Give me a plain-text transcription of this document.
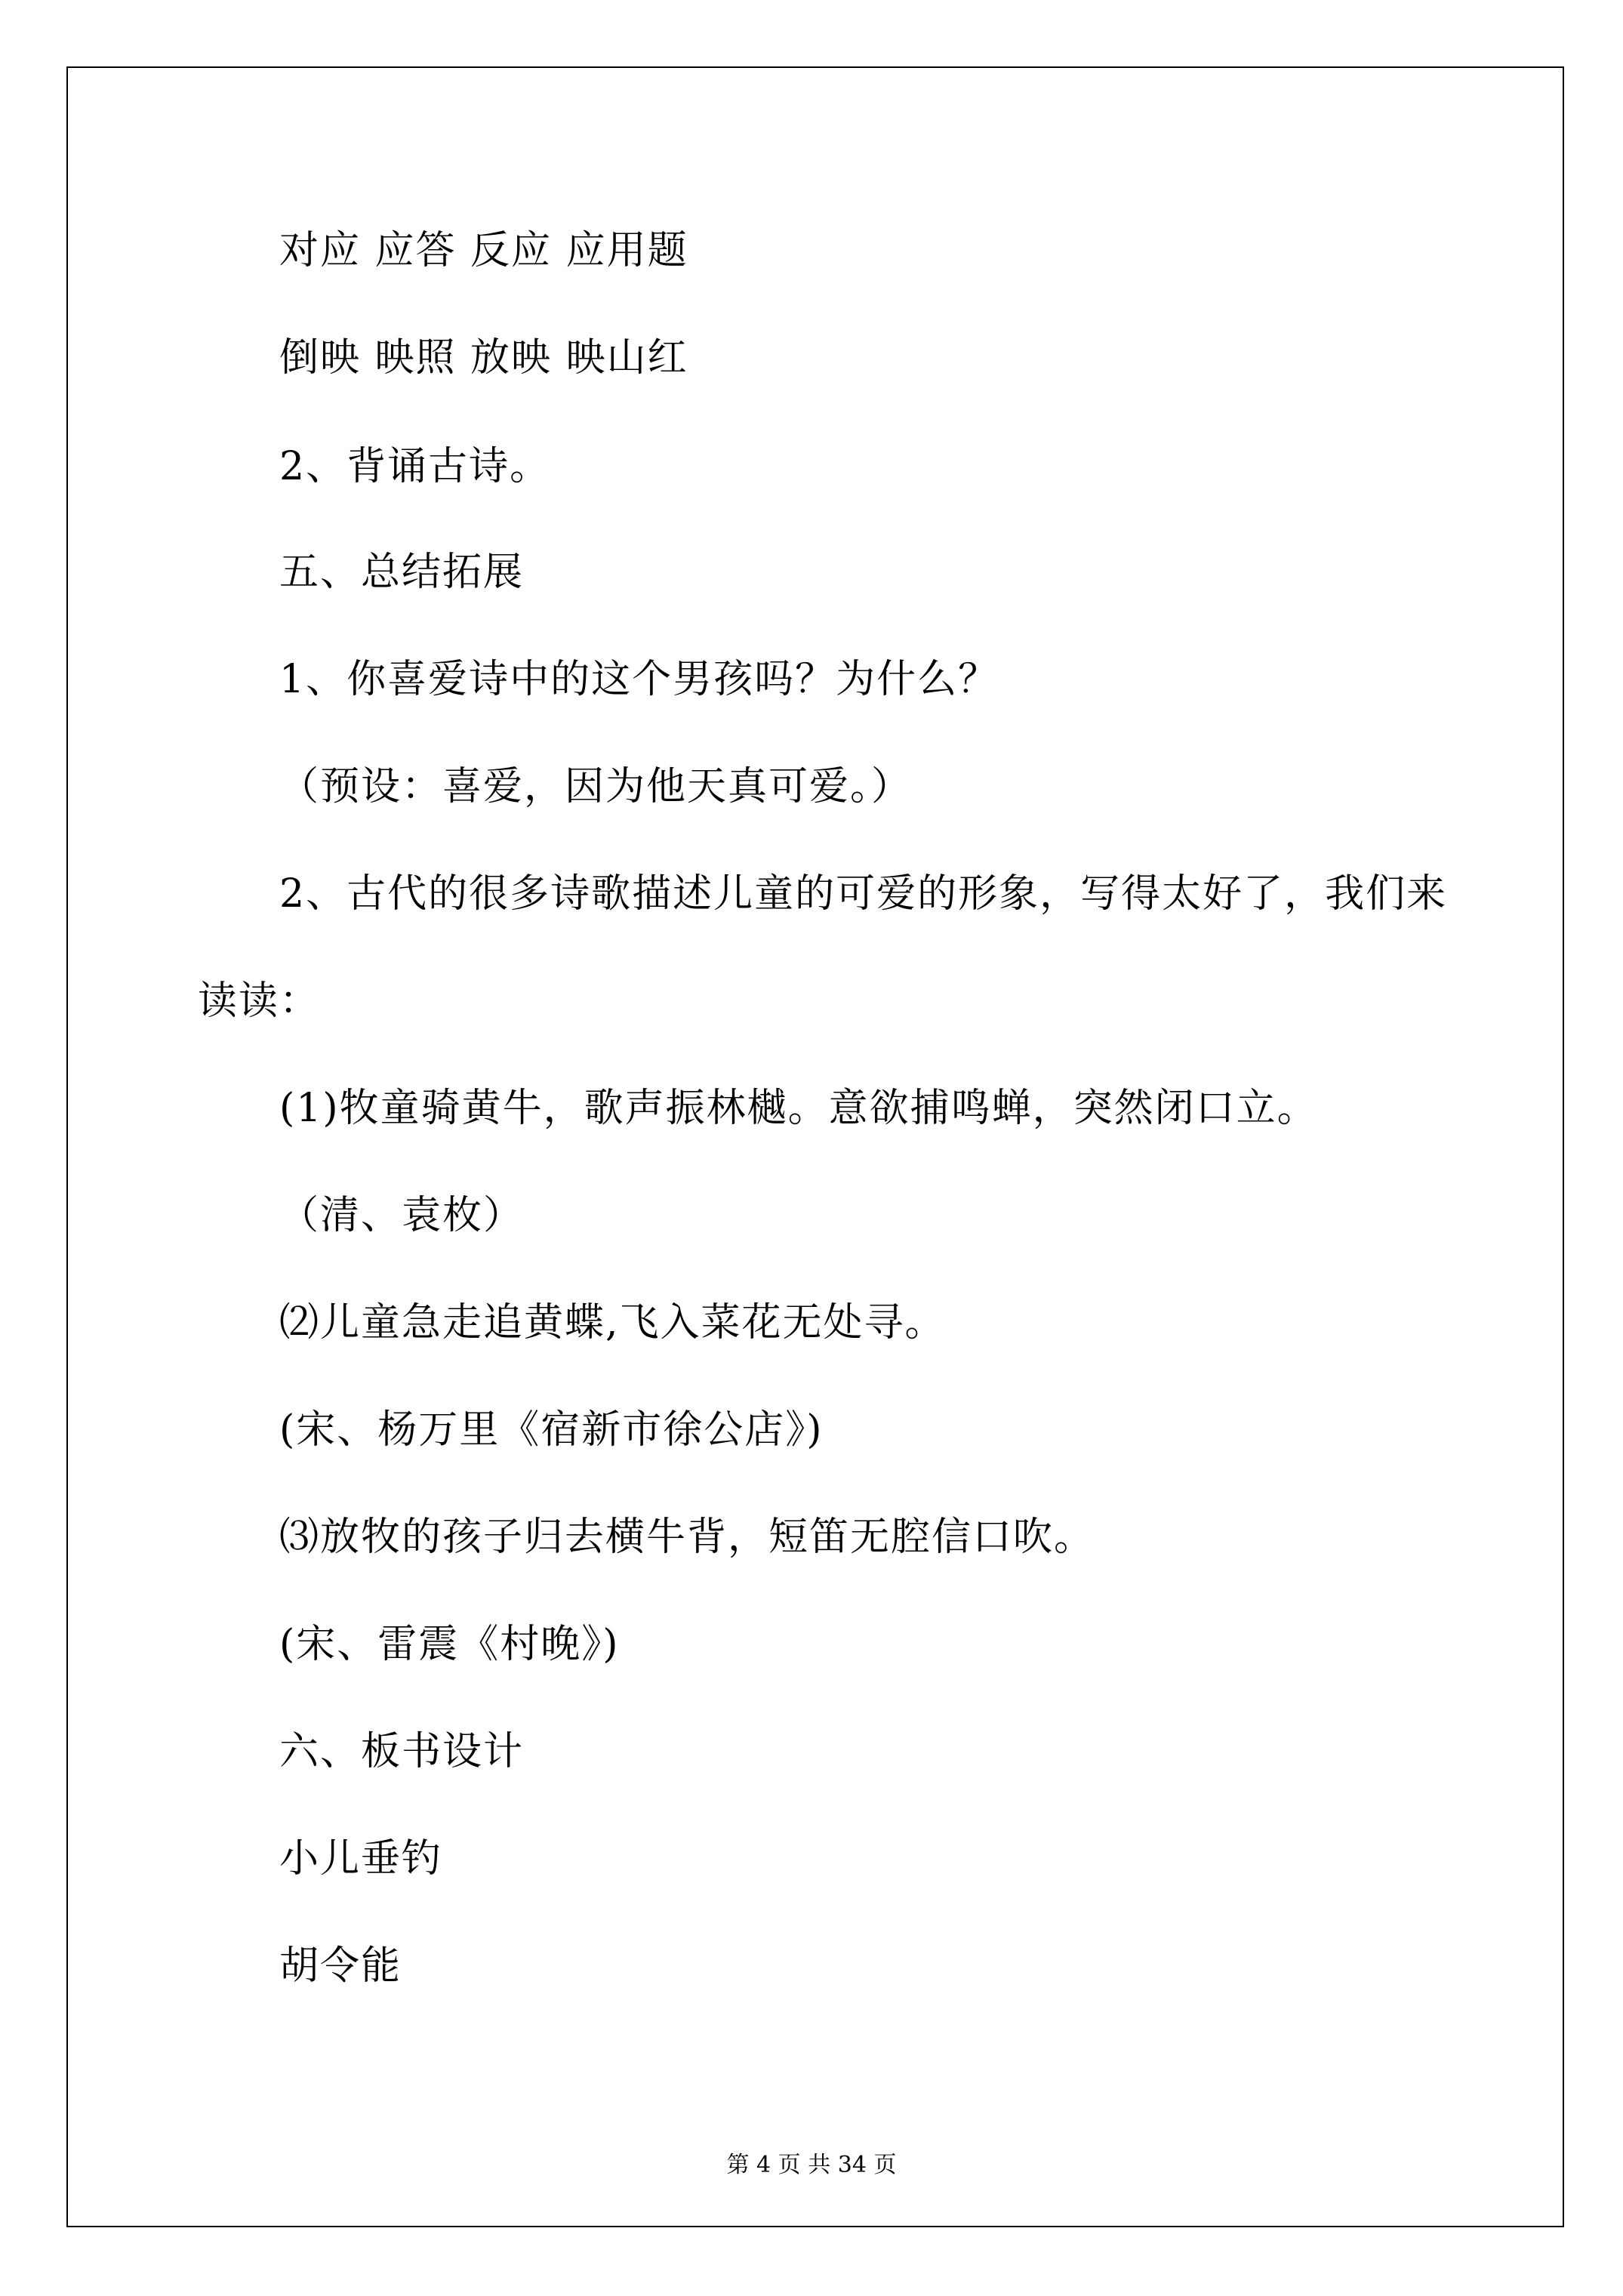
对应 应答 反应 应用题
倒映 映照 放映 映山红
2、背诵古诗。
五、总结拓展
1、你喜爱诗中的这个男孩吗？为什么？
（预设：喜爱，因为他天真可爱。）
2、古代的很多诗歌描述儿童的可爱的形象，写得太好了，我们来
读读：
(1)牧童骑黄牛，歌声振林樾。意欲捕鸣蝉，突然闭口立。
（清、袁枚）
⑵儿童急走追黄蝶,飞入菜花无处寻。
(宋、杨万里《宿新市徐公店》)
⑶放牧的孩子归去横牛背，短笛无腔信口吹。
(宋、雷震《村晚》)
六、板书设计
小儿垂钓
胡令能
第 4 页 共 34 页
